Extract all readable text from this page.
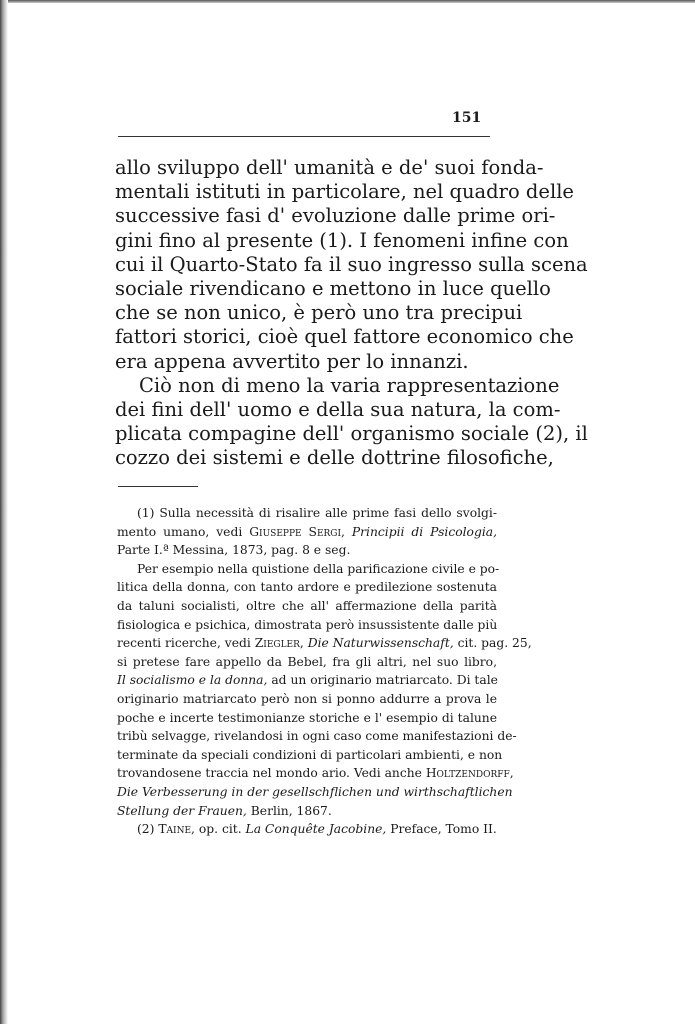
151
allo sviluppo dell' umanità e de' suoi fonda-
mentali istituti in particolare, nel quadro delle
successive fasi d' evoluzione dalle prime ori-
gini fino al presente (1). I fenomeni infine con
cui il Quarto-Stato fa il suo ingresso sulla scena
sociale rivendicano e mettono in luce quello
che se non unico, è però uno tra precipui
fattori storici, cioè quel fattore economico che
era appena avvertito per lo innanzi.
Ciò non di meno la varia rappresentazione
dei fini dell' uomo e della sua natura, la com-
plicata compagine dell' organismo sociale (2), il
cozzo dei sistemi e delle dottrine filosofiche,
(1) Sulla necessità di risalire alle prime fasi dello svolgi-
mento umano, vedi Giuseppe Sergi, Principii di Psicologia,
Parte I.ª Messina, 1873, pag. 8 e seg.
Per esempio nella quistione della parificazione civile e po-
litica della donna, con tanto ardore e predilezione sostenuta
da taluni socialisti, oltre che all' affermazione della parità
fisiologica e psichica, dimostrata però insussistente dalle più
recenti ricerche, vedi Ziegler, Die Naturwissenschaft, cit. pag. 25,
si pretese fare appello da Bebel, fra gli altri, nel suo libro,
Il socialismo e la donna, ad un originario matriarcato. Di tale
originario matriarcato però non si ponno addurre a prova le
poche e incerte testimonianze storiche e l' esempio di talune
tribù selvagge, rivelandosi in ogni caso come manifestazioni de-
terminate da speciali condizioni di particolari ambienti, e non
trovandosene traccia nel mondo ario. Vedi anche Holtzendorff,
Die Verbesserung in der gesellschflichen und wirthschaftlichen
Stellung der Frauen, Berlin, 1867.
(2) Taine, op. cit. La Conquête Jacobine, Preface, Tomo II.
